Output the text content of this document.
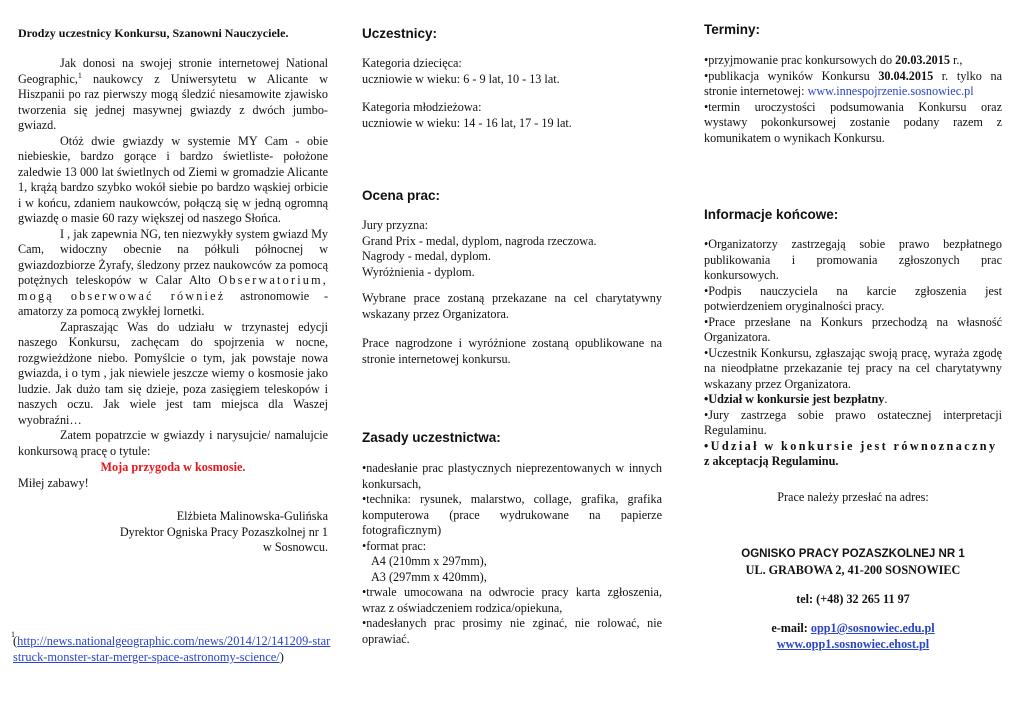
Drodzy uczestnicy Konkursu, Szanowni Nauczyciele.

Jak donosi na swojej stronie internetowej National Geographic,$^1$ naukowcy z Uniwersytetu w Alicante w Hiszpanii po raz pierwszy mogą śledzić niesamowite zjawisko tworzenia się jednej masywnej gwiazdy z dwóch jumbo-gwiazd.

Otóż dwie gwiazdy w systemie MY Cam - obie niebieskie, bardzo gorące i bardzo świetliste- położone zaledwie 13 000 lat świetlnych od Ziemi w gromadzie Alicante 1, krążą bardzo szybko wokół siebie po bardzo wąskiej orbicie i w końcu, zdaniem naukowców, połączą się w jedną ogromną gwiazdę o masie 60 razy większej od naszego Słońca.

I , jak zapewnia NG, ten niezwykły system gwiazd My Cam, widoczny obecnie na półkuli północnej w gwiazdozbiorze Żyrafy, śledzony przez naukowców za pomocą potężnych teleskopów w Calar Alto Obserwatorium, mogą obserwować również astronomowie - amatorzy za pomocą zwykłej lornetki.

Zapraszając Was do udziału w trzynastej edycji naszego Konkursu, zachęcam do spojrzenia w nocne, rozgwieżdżone niebo. Pomyślcie o tym, jak powstaje nowa gwiazda, i o tym , jak niewiele jeszcze wiemy o kosmosie jako ludzie. Jak dużo tam się dzieje, poza zasięgiem teleskopów i naszych oczu. Jak wiele jest tam miejsca dla Waszej wyobraźni…

Zatem popatrzcie w gwiazdy i narysujcie/ namalujcie konkursową pracę o tytule:

Moja przygoda w kosmosie.

Miłej zabawy!

Elżbieta Malinowska-Gulińska
Dyrektor Ogniska Pracy Pozaszkolnej nr 1
w Sosnowcu.
1
(http://news.nationalgeographic.com/news/2014/12/141209-starstruck-monster-star-merger-space-astronomy-science/)
Uczestnicy:
Kategoria dziecięca:
uczniowie w wieku: 6 - 9 lat, 10 - 13 lat.
Kategoria młodzieżowa:
uczniowie w wieku: 14 - 16 lat, 17 - 19 lat.
Ocena prac:
Jury przyzna:
Grand Prix - medal, dyplom, nagroda rzeczowa.
Nagrody - medal, dyplom.
Wyróżnienia - dyplom.
Wybrane prace zostaną przekazane na cel charytatywny wskazany przez Organizatora.
Prace nagrodzone i wyróżnione zostaną opublikowane na stronie internetowej konkursu.
Zasady uczestnictwa:
•nadesłanie prac plastycznych nieprezentowanych w innych konkursach,
•technika: rysunek, malarstwo, collage, grafika, grafika komputerowa (prace wydrukowane na papierze fotograficznym)
•format prac:
A4 (210mm x 297mm),
A3 (297mm x 420mm),
•trwale umocowana na odwrocie pracy karta zgłoszenia, wraz z oświadczeniem rodzica/opiekuna,
•nadesłanych prac prosimy nie zginać, nie rolować, nie oprawiać.
Terminy:
•przyjmowanie prac konkursowych do 20.03.2015 r.,
•publikacja wyników Konkursu 30.04.2015 r. tylko na stronie internetowej: www.innespojrzenie.sosnowiec.pl
•termin uroczystości podsumowania Konkursu oraz wystawy pokonkursowej zostanie podany razem z komunikatem o wynikach Konkursu.
Informacje końcowe:
•Organizatorzy zastrzegają sobie prawo bezpłatnego publikowania i promowania zgłoszonych prac konkursowych.
•Podpis nauczyciela na karcie zgłoszenia jest potwierdzeniem oryginalności pracy.
•Prace przesłane na Konkurs przechodzą na własność Organizatora.
•Uczestnik Konkursu, zgłaszając swoją pracę, wyraża zgodę na nieodpłatne przekazanie tej pracy na cel charytatywny wskazany przez Organizatora.
•Udział w konkursie jest bezpłatny.
•Jury zastrzega sobie prawo ostatecznej interpretacji Regulaminu.
•Udział w konkursie jest równoznaczny
z akceptacją Regulaminu.
Prace należy przesłać na adres:
OGNISKO PRACY POZASZKOLNEJ NR 1
UL. GRABOWA 2, 41-200 SOSNOWIEC
tel: (+48) 32 265 11 97
e-mail: opp1@sosnowiec.edu.pl
www.opp1.sosnowiec.ehost.pl
